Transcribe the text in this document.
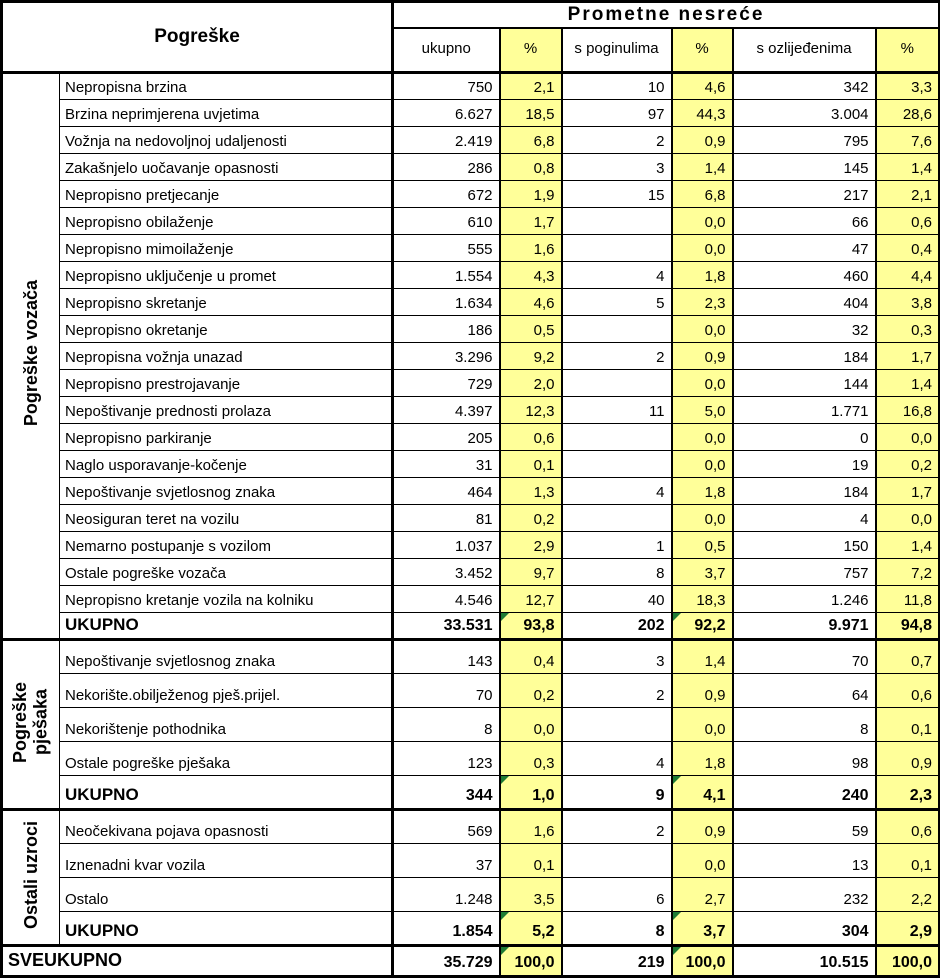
Pogreške		Prometne nesreće					
		ukupno	%	s poginulima	%	s ozlijeđenima	%
Pogreške vozača	Nepropisna brzina	750	2,1	10	4,6	342	3,3
	Brzina neprimjerena uvjetima	6.627	18,5	97	44,3	3.004	28,6
	Vožnja na nedovoljnoj udaljenosti	2.419	6,8	2	0,9	795	7,6
	Zakašnjelo uočavanje opasnosti	286	0,8	3	1,4	145	1,4
	Nepropisno pretjecanje	672	1,9	15	6,8	217	2,1
	Nepropisno obilaženje	610	1,7		0,0	66	0,6
	Nepropisno mimoilaženje	555	1,6		0,0	47	0,4
	Nepropisno uključenje u promet	1.554	4,3	4	1,8	460	4,4
	Nepropisno skretanje	1.634	4,6	5	2,3	404	3,8
	Nepropisno okretanje	186	0,5		0,0	32	0,3
	Nepropisna vožnja unazad	3.296	9,2	2	0,9	184	1,7
	Nepropisno prestrojavanje	729	2,0		0,0	144	1,4
	Nepoštivanje prednosti prolaza	4.397	12,3	11	5,0	1.771	16,8
	Nepropisno parkiranje	205	0,6		0,0	0	0,0
	Naglo usporavanje-kočenje	31	0,1		0,0	19	0,2
	Nepoštivanje svjetlosnog znaka	464	1,3	4	1,8	184	1,7
	Neosiguran teret na vozilu	81	0,2		0,0	4	0,0
	Nemarno postupanje s vozilom	1.037	2,9	1	0,5	150	1,4
	Ostale pogreške vozača	3.452	9,7	8	3,7	757	7,2
	Nepropisno kretanje vozila na kolniku	4.546	12,7	40	18,3	1.246	11,8
	UKUPNO	33.531	93,8	202	92,2	9.971	94,8
Pogreške pješaka	Nepoštivanje svjetlosnog znaka	143	0,4	3	1,4	70	0,7
	Nekorište.obilježenog pješ.prijel.	70	0,2	2	0,9	64	0,6
	Nekorištenje pothodnika	8	0,0		0,0	8	0,1
	Ostale pogreške pješaka	123	0,3	4	1,8	98	0,9
	UKUPNO	344	1,0	9	4,1	240	2,3
Ostali uzroci	Neočekivana pojava opasnosti	569	1,6	2	0,9	59	0,6
	Iznenadni kvar vozila	37	0,1		0,0	13	0,1
	Ostalo	1.248	3,5	6	2,7	232	2,2
	UKUPNO	1.854	5,2	8	3,7	304	2,9
SVEUKUPNO		35.729	100,0	219	100,0	10.515	100,0
